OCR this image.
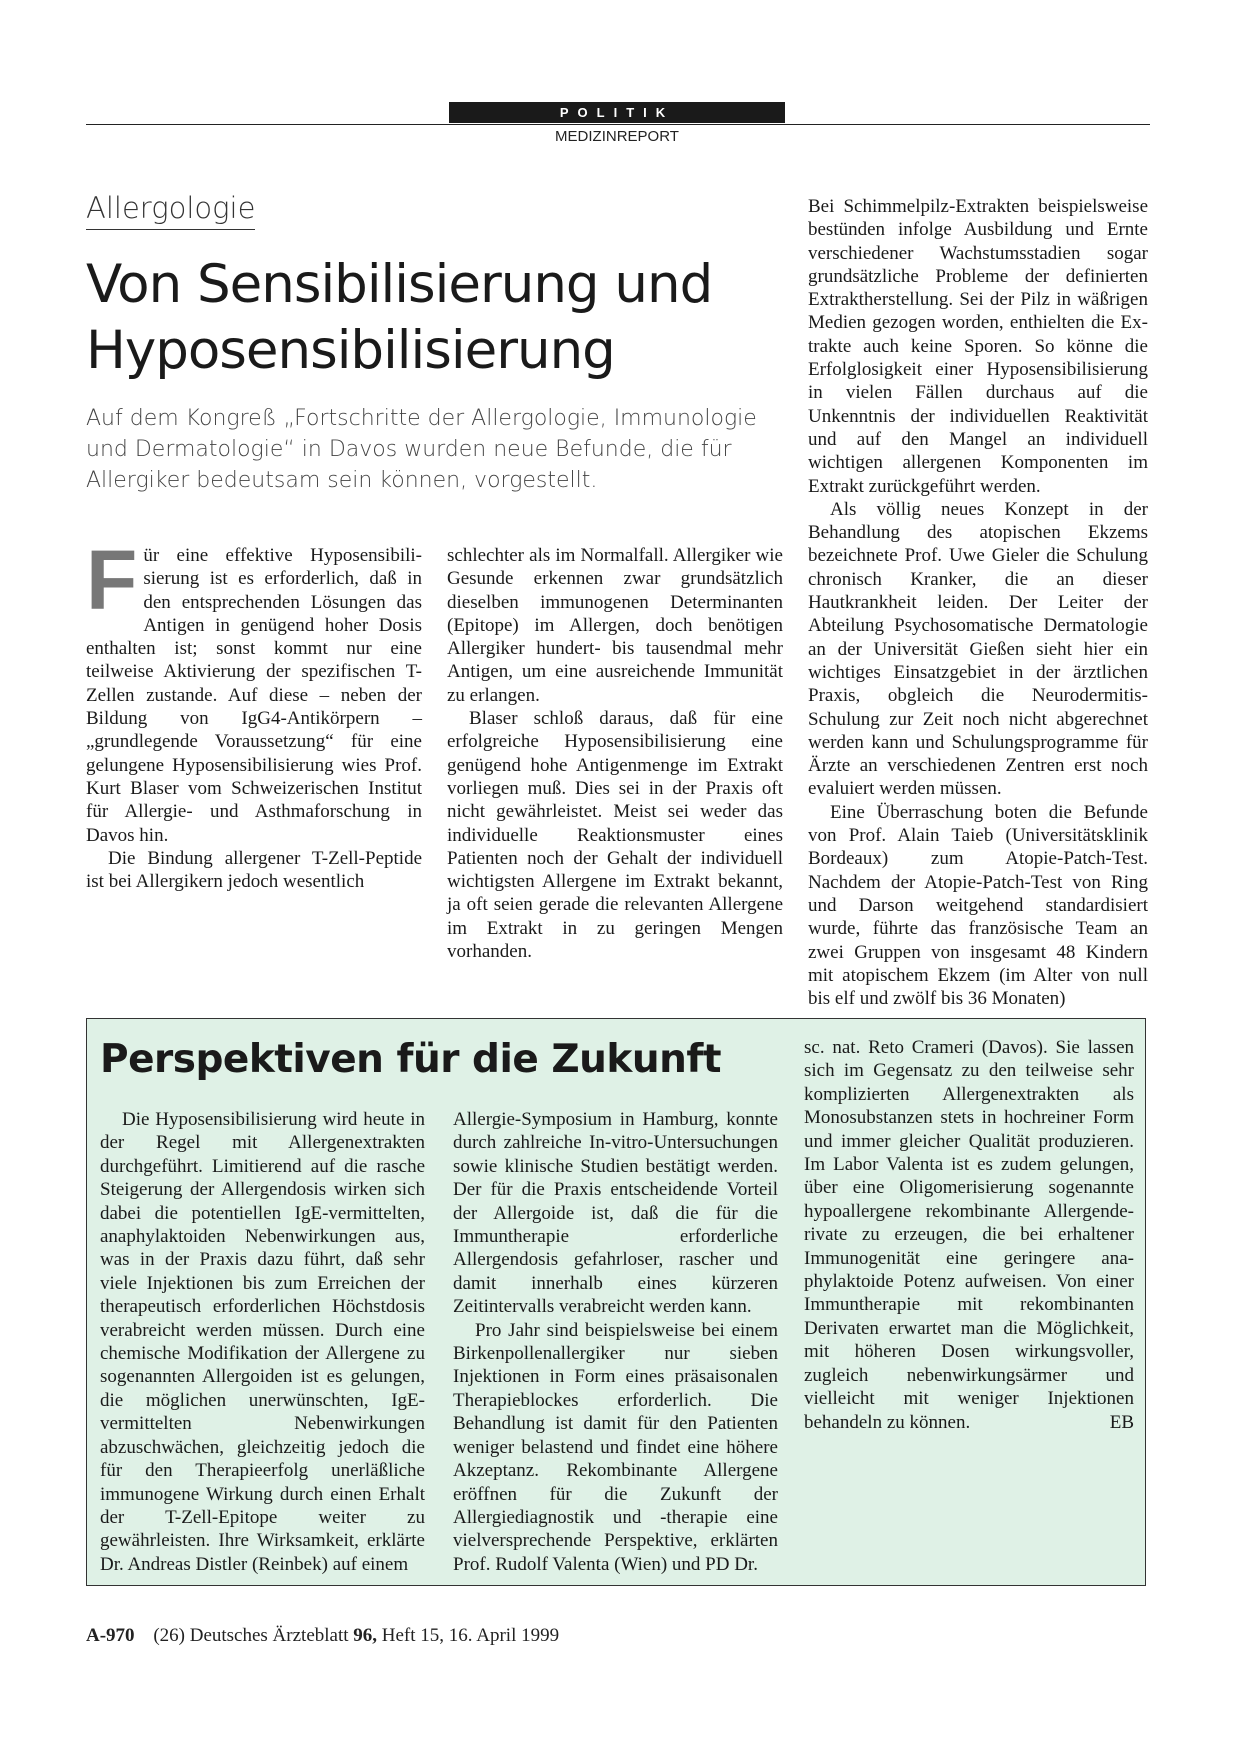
POLITIK
MEDIZINREPORT
Allergologie
Von Sensibilisierung und
Hyposensibilisierung

Auf dem Kongreß „Fortschritte der Allergologie, Immunologie und Dermatologie“ in Davos wurden neue Befunde, die für Allergiker bedeutsam sein können, vorgestellt.

Für eine effektive Hyposensibilisierung ist es erforderlich, daß in den entsprechenden Lösungen das Antigen in genügend hoher Dosis enthalten ist; sonst kommt nur eine teilweise Aktivierung der spezifischen T-Zellen zustande. Auf diese – neben der Bildung von IgG4-Antikörpern – „grundlegende Voraussetzung“ für eine gelungene Hyposensibilisierung wies Prof. Kurt Blaser vom Schweizerischen Institut für Allergie- und Asthmaforschung in Davos hin.

Die Bindung allergener T-Zell-Peptide ist bei Allergikern jedoch wesentlich

schlechter als im Normalfall. Allergiker wie Gesunde erkennen zwar grundsätzlich dieselben immunogenen Determinanten (Epitope) im Allergen, doch benötigen Allergiker hundert- bis tausendmal mehr Antigen, um eine ausreichende Immunität zu erlangen.

Blaser schloß daraus, daß für eine erfolgreiche Hyposensibilisierung eine genügend hohe Antigenmenge im Extrakt vorliegen muß. Dies sei in der Praxis oft nicht gewährleistet. Meist sei weder das individuelle Reaktionsmuster eines Patienten noch der Gehalt der individuell wichtigsten Allergene im Extrakt bekannt, ja oft seien gerade die relevanten Allergene im Extrakt in zu geringen Mengen vorhanden.

Bei Schimmelpilz-Extrakten beispielsweise bestünden infolge Ausbildung und Ernte verschiedener Wachstumsstadien sogar grundsätzliche Probleme der definierten Extraktherstellung. Sei der Pilz in wäßrigen Medien gezogen worden, enthielten die Extrakte auch keine Sporen. So könne die Erfolglosigkeit einer Hyposensibilisierung in vielen Fällen durchaus auf die Unkenntnis der individuellen Reaktivität und auf den Mangel an individuell wichtigen allergenen Komponenten im Extrakt zurückgeführt werden.

Als völlig neues Konzept in der Behandlung des atopischen Ekzems bezeichnete Prof. Uwe Gieler die Schulung chronisch Kranker, die an dieser Hautkrankheit leiden. Der Leiter der Abteilung Psychosomatische Dermatologie an der Universität Gießen sieht hier ein wichtiges Einsatzgebiet in der ärztlichen Praxis, obgleich die Neurodermitis-Schulung zur Zeit noch nicht abgerechnet werden kann und Schulungsprogramme für Ärzte an verschiedenen Zentren erst noch evaluiert werden müssen.

Eine Überraschung boten die Befunde von Prof. Alain Taieb (Universitätsklinik Bordeaux) zum Atopie-Patch-Test. Nachdem der Atopie-Patch-Test von Ring und Darson weitgehend standardisiert wurde, führte das französische Team an zwei Gruppen von insgesamt 48 Kindern mit atopischem Ekzem (im Alter von null bis elf und zwölf bis 36 Monaten)

Perspektiven für die Zukunft

Die Hyposensibilisierung wird heute in der Regel mit Allergenextrakten durchgeführt. Limitierend auf die rasche Steigerung der Allergendosis wirken sich dabei die potentiellen IgE-vermittelten, anaphylaktoiden Nebenwirkungen aus, was in der Praxis dazu führt, daß sehr viele Injektionen bis zum Erreichen der therapeutisch erforderlichen Höchstdosis verabreicht werden müssen. Durch eine chemische Modifikation der Allergene zu sogenannten Allergoiden ist es gelungen, die möglichen unerwünschten, IgE-vermittelten Nebenwirkungen abzuschwächen, gleichzeitig jedoch die für den Therapieerfolg unerläßliche immunogene Wirkung durch einen Erhalt der T-Zell-Epitope weiter zu gewährleisten. Ihre Wirksamkeit, erklärte Dr. Andreas Distler (Reinbek) auf einem

Allergie-Symposium in Hamburg, konnte durch zahlreiche In-vitro-Untersuchungen sowie klinische Studien bestätigt werden. Der für die Praxis entscheidende Vorteil der Allergoide ist, daß die für die Immuntherapie erforderliche Allergendosis gefahrloser, rascher und damit innerhalb eines kürzeren Zeitintervalls verabreicht werden kann.

Pro Jahr sind beispielsweise bei einem Birkenpollenallergiker nur sieben Injektionen in Form eines präsaisonalen Therapieblockes erforderlich. Die Behandlung ist damit für den Patienten weniger belastend und findet eine höhere Akzeptanz. Rekombinante Allergene eröffnen für die Zukunft der Allergiediagnostik und -therapie eine vielversprechende Perspektive, erklärten Prof. Rudolf Valenta (Wien) und PD Dr.

sc. nat. Reto Crameri (Davos). Sie lassen sich im Gegensatz zu den teilweise sehr komplizierten Allergenextrakten als Monosubstanzen stets in hochreiner Form und immer gleicher Qualität produzieren. Im Labor Valenta ist es zudem gelungen, über eine Oligomerisierung sogenannte hypoallergene rekombinante Allergenderivate zu erzeugen, die bei erhaltener Immunogenität eine geringere anaphylaktoide Potenz aufweisen. Von einer Immuntherapie mit rekombinanten Derivaten erwartet man die Möglichkeit, mit höheren Dosen wirkungsvoller, zugleich nebenwirkungsärmer und vielleicht mit weniger Injektionen behandeln zu können.	EB

A-970 (26) Deutsches Ärzteblatt 96, Heft 15, 16. April 1999
